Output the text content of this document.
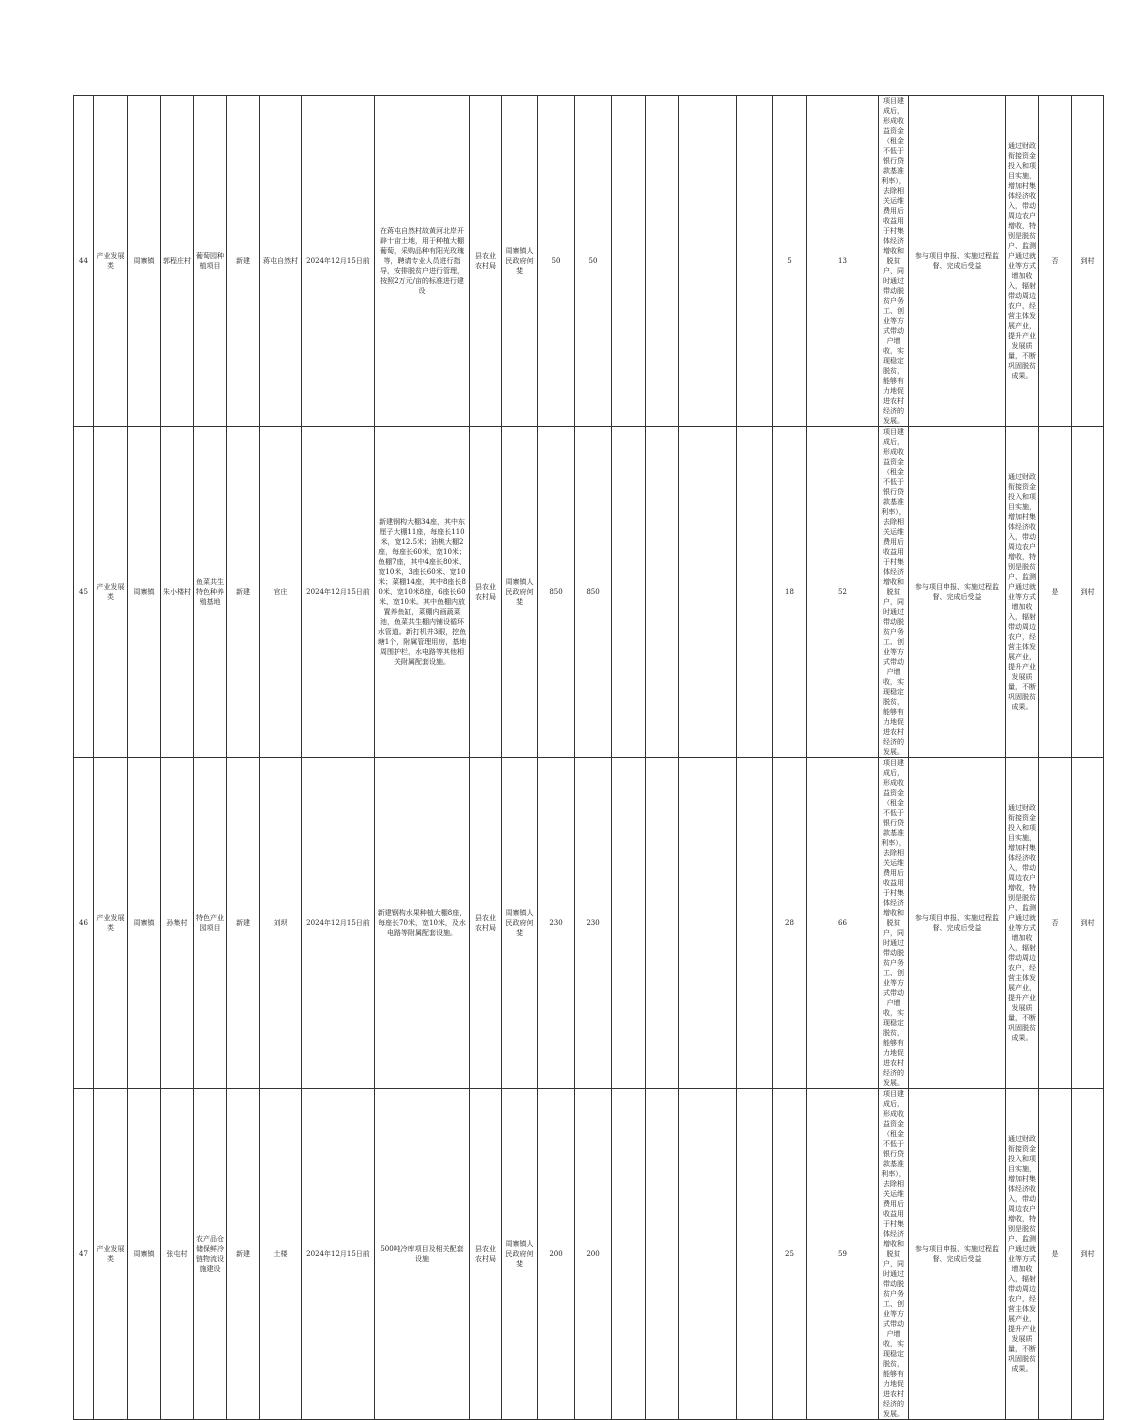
44	产业发展类	周寨镇	郭程庄村	葡萄园种植项目	新建	蒋屯自然村	2024年12月15日前	在蒋屯自然村故黄河北岸开辟十亩土地，用于种植大棚葡萄，采购品种有阳光玫瑰等，聘请专业人员进行指导，安排脱贫户进行管理，按照2万元/亩的标准进行建设	县农业农村局	周寨镇人民政府何斐	50	50					5	13	项目建成后，形成收益资金（租金不低于银行贷款基准利率），去除相关运维费用后收益用于村集体经济增收和脱贫户，同时通过带动脱贫户务工、创业等方式带动户增收，实现稳定脱贫，能够有力地促进农村经济的发展。	参与项目申报、实施过程监督、完成后受益	通过财政衔接资金投入和项目实施，增加村集体经济收入，带动周边农户增收，特别是脱贫户、监测户通过就业等方式增加收入，辐射带动周边农户，经营主体发展产业，提升产业发展质量，不断巩固脱贫成果。	否	到村
45	产业发展类	周寨镇	朱小楼村	鱼菜共生特色种养殖基地	新建	官庄	2024年12月15日前	新建钢构大棚34座，其中东厘子大棚11座，每座长110米，宽12.5米；油桃大棚2座，每座长60米，宽10米；鱼棚7座，其中4座长80米、宽10米，3座长60米、宽10米；菜棚14座，其中8座长80米、宽10米8座，6座长60米、宽10米。其中鱼棚内放置养鱼缸，菜棚内画蔬菜池，鱼菜共生棚内铺设循环水管道。新打机井3眼，挖鱼塘1个，附属管理用房，基地周围护栏，水电路等其他相关附属配套设施。	县农业农村局	周寨镇人民政府何斐	850	850					18	52	项目建成后，形成收益资金（租金不低于银行贷款基准利率），去除相关运维费用后收益用于村集体经济增收和脱贫户，同时通过带动脱贫户务工、创业等方式带动户增收，实现稳定脱贫，能够有力地促进农村经济的发展。	参与项目申报、实施过程监督、完成后受益	通过财政衔接资金投入和项目实施，增加村集体经济收入，带动周边农户增收，特别是脱贫户、监测户通过就业等方式增加收入，辐射带动周边农户，经营主体发展产业，提升产业发展质量，不断巩固脱贫成果。	是	到村
46	产业发展类	周寨镇	孙集村	特色产业园项目	新建	刘坝	2024年12月15日前	新建钢构水果种植大棚8座，每座长70米，宽10米，及水电路等附属配套设施。	县农业农村局	周寨镇人民政府何斐	230	230					28	66	项目建成后，形成收益资金（租金不低于银行贷款基准利率），去除相关运维费用后收益用于村集体经济增收和脱贫户，同时通过带动脱贫户务工、创业等方式带动户增收，实现稳定脱贫，能够有力地促进农村经济的发展。	参与项目申报、实施过程监督、完成后受益	通过财政衔接资金投入和项目实施，增加村集体经济收入，带动周边农户增收，特别是脱贫户、监测户通过就业等方式增加收入，辐射带动周边农户，经营主体发展产业，提升产业发展质量，不断巩固脱贫成果。	否	到村
47	产业发展类	周寨镇	张屯村	农产品仓储保鲜冷链物流设施建设	新建	土楼	2024年12月15日前	500吨冷库项目及相关配套设施	县农业农村局	周寨镇人民政府何斐	200	200					25	59	项目建成后，形成收益资金（租金不低于银行贷款基准利率），去除相关运维费用后收益用于村集体经济增收和脱贫户，同时通过带动脱贫户务工、创业等方式带动户增收，实现稳定脱贫，能够有力地促进农村经济的发展。	参与项目申报、实施过程监督、完成后受益	通过财政衔接资金投入和项目实施，增加村集体经济收入，带动周边农户增收，特别是脱贫户、监测户通过就业等方式增加收入，辐射带动周边农户，经营主体发展产业，提升产业发展质量，不断巩固脱贫成果。	是	到村
